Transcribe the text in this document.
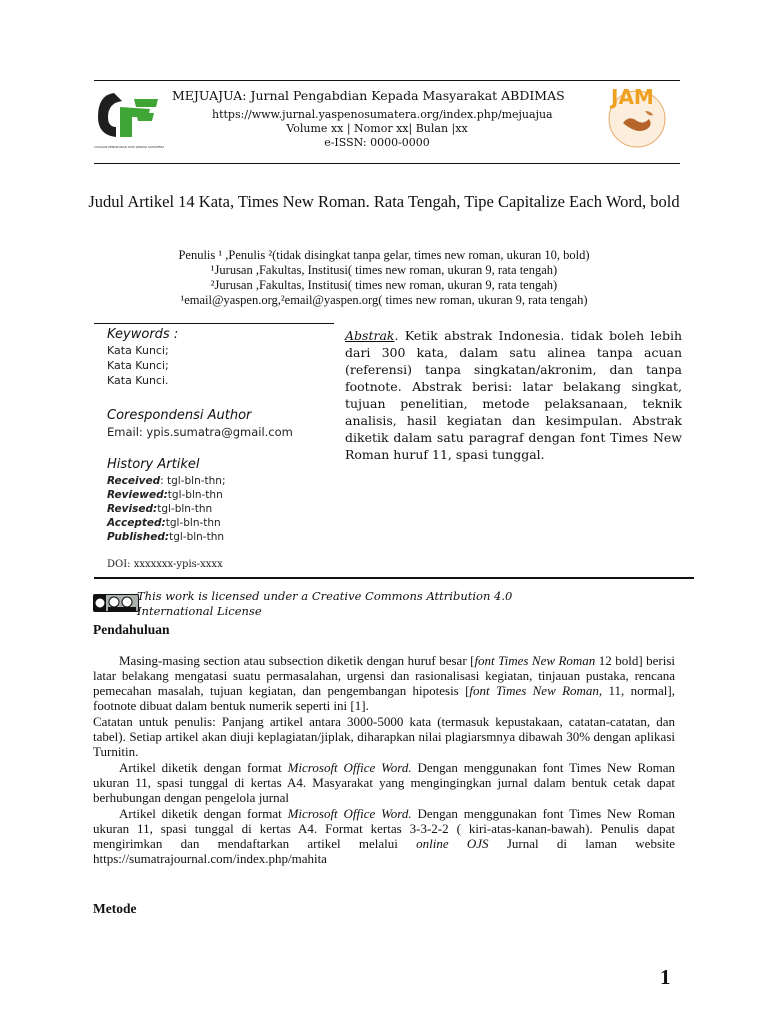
YAYASAN PENDIDIKAN ILMU JEPANG SUMATERA
MEJUAJUA: Jurnal Pengabdian Kepada Masyarakat ABDIMAS
https://www.jurnal.yaspenosumatera.org/index.php/mejuajua
Volume xx | Nomor xx| Bulan |xx
e-ISSN: 0000-0000
JAM
Judul Artikel 14 Kata, Times New Roman. Rata Tengah, Tipe Capitalize Each Word, bold
Penulis ¹ ,Penulis ²(tidak disingkat tanpa gelar, times new roman, ukuran 10, bold)
¹Jurusan ,Fakultas, Institusi( times new roman, ukuran 9, rata tengah)
²Jurusan ,Fakultas, Institusi( times new roman, ukuran 9, rata tengah)
¹email@yaspen.org,²email@yaspen.org( times new roman, ukuran 9, rata tengah)
Keywords :
Kata Kunci;
Kata Kunci;
Kata Kunci.
Corespondensi Author
Email: ypis.sumatra@gmail.com
History Artikel
Received: tgl-bln-thn;
Reviewed:tgl-bln-thn
Revised:tgl-bln-thn
Accepted:tgl-bln-thn
Published:tgl-bln-thn
DOI: xxxxxxx-ypis-xxxx
Abstrak. Ketik abstrak Indonesia. tidak boleh lebih dari 300 kata, dalam satu alinea tanpa acuan (referensi) tanpa singkatan/akronim, dan tanpa footnote. Abstrak berisi: latar belakang singkat, tujuan penelitian, metode pelaksanaan, teknik analisis, hasil kegiatan dan kesimpulan. Abstrak diketik dalam satu paragraf dengan font Times New Roman huruf 11, spasi tunggal.
This work is licensed under a Creative Commons Attribution 4.0 International License
Pendahuluan
Masing-masing section atau subsection diketik dengan huruf besar [font Times New Roman 12 bold] berisi latar belakang mengatasi suatu permasalahan, urgensi dan rasionalisasi kegiatan, tinjauan pustaka, rencana pemecahan masalah, tujuan kegiatan, dan pengembangan hipotesis [font Times New Roman, 11, normal], footnote dibuat dalam bentuk numerik seperti ini [1].
Catatan untuk penulis: Panjang artikel antara 3000-5000 kata (termasuk kepustakaan, catatan-catatan, dan tabel). Setiap artikel akan diuji keplagiatan/jiplak, diharapkan nilai plagiarsmnya dibawah 30% dengan aplikasi Turnitin.
Artikel diketik dengan format Microsoft Office Word. Dengan menggunakan font Times New Roman ukuran 11, spasi tunggal di kertas A4. Masyarakat yang mengingingkan jurnal dalam bentuk cetak dapat berhubungan dengan pengelola jurnal
Artikel diketik dengan format Microsoft Office Word. Dengan menggunakan font Times New Roman ukuran 11, spasi tunggal di kertas A4. Format kertas 3-3-2-2 ( kiri-atas-kanan-bawah). Penulis dapat mengirimkan dan mendaftarkan artikel melalui online OJS Jurnal di laman website https://sumatrajournal.com/index.php/mahita
Metode
1
